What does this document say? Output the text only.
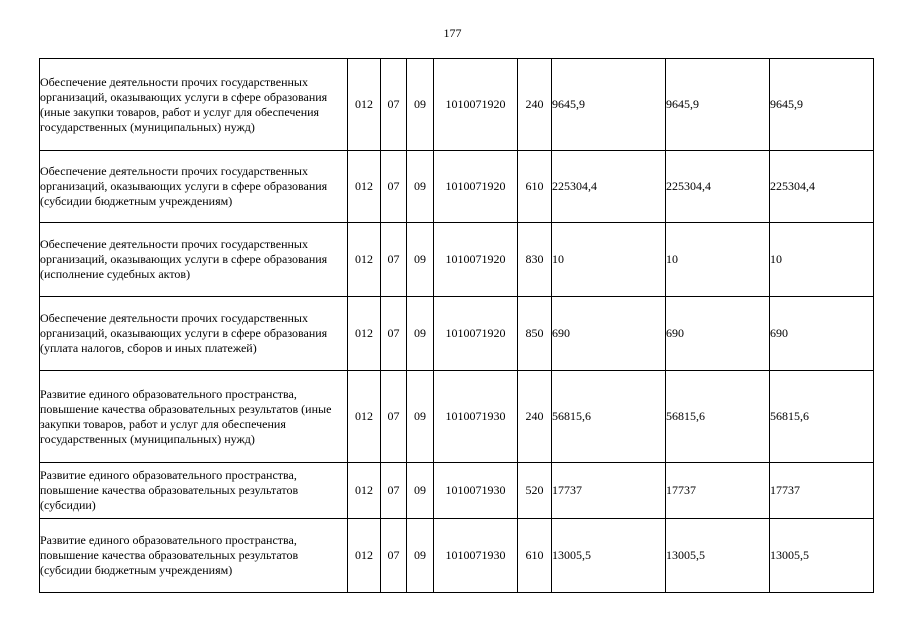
177
Обеспечение деятельности прочих государственных организаций, оказывающих услуги в сфере образования (иные закупки товаров, работ и услуг для обеспечения государственных (муниципальных) нужд)	012	07	09	1010071920	240	9645,9	9645,9	9645,9
Обеспечение деятельности прочих государственных организаций, оказывающих услуги в сфере образования (субсидии бюджетным учреждениям)	012	07	09	1010071920	610	225304,4	225304,4	225304,4
Обеспечение деятельности прочих государственных организаций, оказывающих услуги в сфере образования (исполнение судебных актов)	012	07	09	1010071920	830	10	10	10
Обеспечение деятельности прочих государственных организаций, оказывающих услуги в сфере образования (уплата налогов, сборов и иных платежей)	012	07	09	1010071920	850	690	690	690
Развитие единого образовательного пространства, повышение качества образовательных результатов (иные закупки товаров, работ и услуг для обеспечения государственных (муниципальных) нужд)	012	07	09	1010071930	240	56815,6	56815,6	56815,6
Развитие единого образовательного пространства, повышение качества образовательных результатов (субсидии)	012	07	09	1010071930	520	17737	17737	17737
Развитие единого образовательного пространства, повышение качества образовательных результатов (субсидии бюджетным учреждениям)	012	07	09	1010071930	610	13005,5	13005,5	13005,5
